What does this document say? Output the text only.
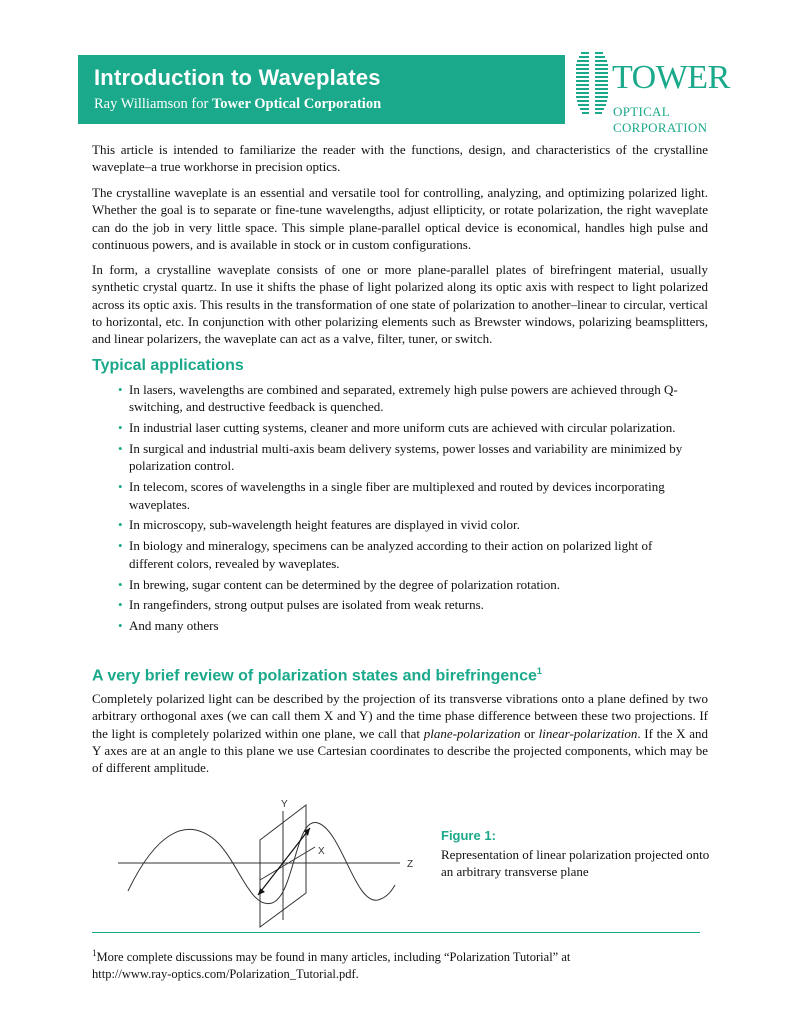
Introduction to Waveplates
Ray Williamson for Tower Optical Corporation
TOWER
OPTICAL CORPORATION

This article is intended to familiarize the reader with the functions, design, and characteristics of the crystalline waveplate–a true workhorse in precision optics.

The crystalline waveplate is an essential and versatile tool for controlling, analyzing, and optimizing polarized light. Whether the goal is to separate or fine-tune wavelengths, adjust ellipticity, or rotate polarization, the right waveplate can do the job in very little space. This simple plane-parallel optical device is economical, handles high pulse and continuous powers, and is available in stock or in custom configurations.

In form, a crystalline waveplate consists of one or more plane-parallel plates of birefringent material, usually synthetic crystal quartz. In use it shifts the phase of light polarized along its optic axis with respect to light polarized across its optic axis. This results in the transformation of one state of polarization to another–linear to circular, vertical to horizontal, etc. In conjunction with other polarizing elements such as Brewster windows, polarizing beamsplitters, and linear polarizers, the waveplate can act as a valve, filter, tuner, or switch.

Typical applications
• In lasers, wavelengths are combined and separated, extremely high pulse powers are achieved through Q-switching, and destructive feedback is quenched.
• In industrial laser cutting systems, cleaner and more uniform cuts are achieved with circular polarization.
• In surgical and industrial multi-axis beam delivery systems, power losses and variability are minimized by polarization control.
• In telecom, scores of wavelengths in a single fiber are multiplexed and routed by devices incorporating waveplates.
• In microscopy, sub-wavelength height features are displayed in vivid color.
• In biology and mineralogy, specimens can be analyzed according to their action on polarized light of different colors, revealed by waveplates.
• In brewing, sugar content can be determined by the degree of polarization rotation.
• In rangefinders, strong output pulses are isolated from weak returns.
• And many others
A very brief review of polarization states and birefringence$^1$

Completely polarized light can be described by the projection of its transverse vibrations onto a plane defined by two arbitrary orthogonal axes (we can call them X and Y) and the time phase difference between these two projections. If the light is completely polarized within one plane, we call that plane-polarization or linear-polarization. If the X and Y axes are at an angle to this plane we use Cartesian coordinates to describe the projected components, which may be of different amplitude.

Y
X
Z
Figure 1:
Representation of linear polarization projected onto an arbitrary transverse plane
$^1$More complete discussions may be found in many articles, including “Polarization Tutorial” at
http://www.ray-optics.com/Polarization_Tutorial.pdf.
